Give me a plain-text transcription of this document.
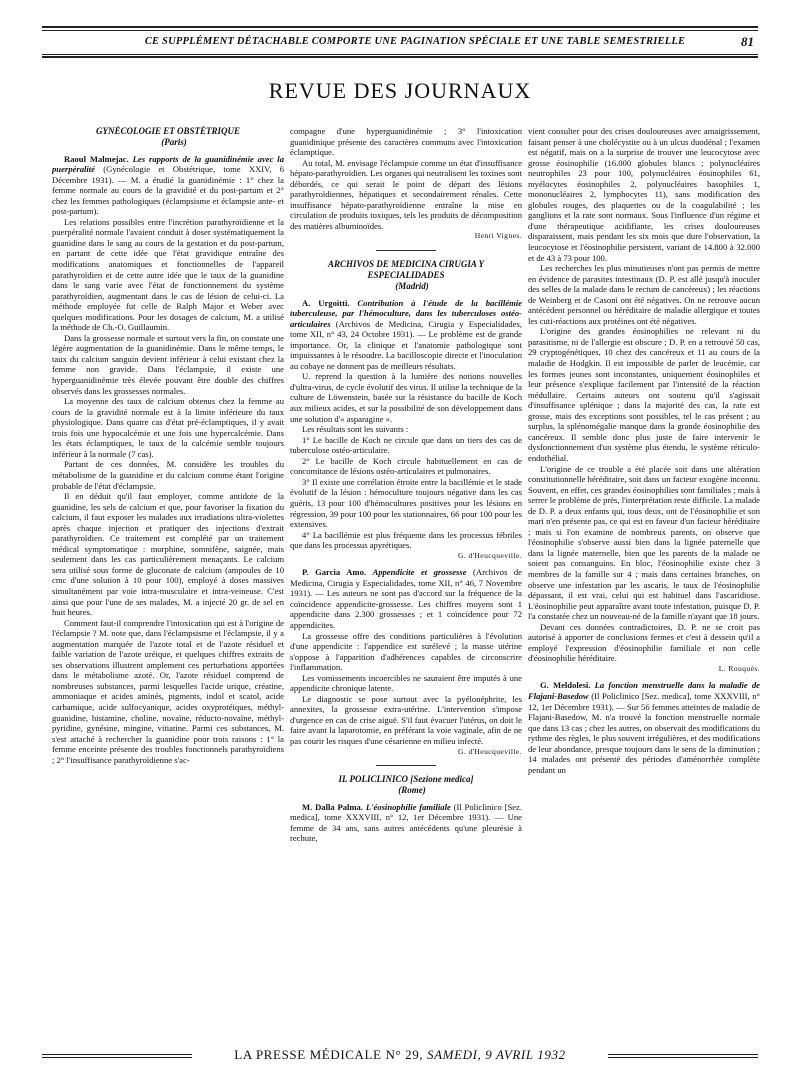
CE SUPPLÉMENT DÉTACHABLE COMPORTE UNE PAGINATION SPÉCIALE ET UNE TABLE SEMESTRIELLE	81
REVUE DES JOURNAUX

GYNÉCOLOGIE ET OBSTÉTRIQUE

(Paris)

Raoul Malmejac. Les rapports de la guanidinémie avec la puerpéralité (Gynécologie et Obstétrique, tome XXIV, 6 Décembre 1931). — M. a étudié la guanidinémie : 1° chez la femme normale au cours de la gravidité et du post-partum et 2° chez les femmes pathologiques (éclampsisme et éclampsie ante- et post-partum).

Les relations possibles entre l'incrétion parathyroïdienne et la puerpéralité normale l'avaient conduit à doser systématiquement la guanidine dans le sang au cours de la gestation et du post-partum, en partant de cette idée que l'état gravidique entraîne des modifications anatomiques et fonctionnelles de l'appareil parathyroïdien et de cette autre idée que le taux de la guanidine dans le sang varie avec l'état de fonctionnement du système parathyroïdien, augmentant dans le cas de lésion de celui-ci. La méthode employée fut celle de Ralph Major et Weber avec quelques modifications. Pour les dosages de calcium, M. a utilisé la méthode de Ch.-O. Guillaumin.

Dans la grossesse normale et surtout vers la fin, on constate une légère augmentation de la guanidinémie. Dans le même temps, le taux du calcium sanguin devient inférieur à celui existant chez la femme non gravide. Dans l'éclampsie, il existe une hyperguanidinémie très élevée pouvant être double des chiffres observés dans les grossesses normales.

La moyenne des taux de calcium obtenus chez la femme au cours de la gravidité normale est à la limite inférieure du taux physiologique. Dans quatre cas d'état pré-éclamptiques, il y avait trois fois une hypocalcémie et une fois une hypercalcémie. Dans les états éclamptiques, le taux de la calcémie semble toujours inférieur à la normale (7 cas).

Partant de ces données, M. considère les troubles du métabolisme de la guanidine et du calcium comme étant l'origine probable de l'état d'éclampsie.

Il en déduit qu'il faut employer, comme antidote de la guanidine, les sels de calcium et que, pour favoriser la fixation du calcium, il faut exposer les malades aux irradiations ultra-violettes après chaque injection et pratiquer des injections d'extrait parathyroïdien. Ce traitement est complété par un traitement médical symptomatique : morphine, somnifène, saignée, mais seulement dans les cas particulièrement menaçants. Le calcium sera utilisé sous forme de gluconate de calcium (ampoules de 10 cmc d'une solution à 10 pour 100), employé à doses massives simultanément par voie intra-musculaire et intra-veineuse. C'est ainsi que pour l'une de ses malades, M. a injecté 20 gr. de sel en huit heures.

Comment faut-il comprendre l'intoxication qui est à l'origine de l'éclampsie ? M. note que, dans l'éclampsisme et l'éclampsie, il y a augmentation marquée de l'azote total et de l'azote résiduel et faible variation de l'azote uréique, et quelques chiffres extraits de ses observations illustrent amplement ces perturbations apportées dans le métabolisme azoté. Or, l'azote résiduel comprend de nombreuses substances, parmi lesquelles l'acide urique, créatine, ammoniaque et acides aminés, pigments, indol et scatol, acide carbamique, acide sulfocyanique, acides oxyprotéiques, méthyl-guanidine, histamine, choline, novaïne, réducto-novaïne, méthyl-pyridine, gynésine, mingine, vitiatine. Parmi ces substances, M. s'est attaché à rechercher la guanidine pour trois raisons : 1° la femme enceinte présente des troubles fonctionnels parathyroïdiens ; 2° l'insuffisance parathyroïdienne s'ac-

compagne d'une hyperguanidinémie ; 3° l'intoxication guanidinique présente des caractères communs avec l'intoxication éclamptique.

Au total, M. envisage l'éclampsie comme un état d'insuffisance hépato-parathyroïdien. Les organes qui neutralisent les toxines sont débordés, ce qui serait le point de départ des lésions parathyroïdiennes, hépatiques et secondairement rénales. Cette insuffisance hépato-parathyroïdienne entraîne la mise en circulation de produits toxiques, tels les produits de décomposition des matières albuminoïdes.

Henri Vignes.

ARCHIVOS DE MEDICINA CIRUGIA Y ESPECIALIDADES

(Madrid)

A. Urgoitti. Contribution à l'étude de la bacillémie tuberculeuse, par l'hémoculture, dans les tuberculoses ostéo-articulaires (Archivos de Medicina, Cirugia y Especialidades, tome XII, n° 43, 24 Octobre 1931). — Le problème est de grande importance. Or, la clinique et l'anatomie pathologique sont impuissantes à le résoudre. La bacilloscopie directe et l'inoculation au cobaye ne donnent pas de meilleurs résultats.

U. reprend la question à la lumière des notions nouvelles d'ultra-virus, de cycle évolutif des virus. Il utilise la technique de la culture de Löwenstein, basée sur la résistance du bacille de Koch aux milieux acides, et sur la possibilité de son développement dans une solution d'« asparagine ».

Les résultats sont les suivants :

1° Le bacille de Koch ne circule que dans un tiers des cas de tuberculose ostéo-articulaire.

2° Le bacille de Koch circule habituellement en cas de concomitance de lésions ostéo-articulaires et pulmonaires.

3° Il existe une corrélation étroite entre la bacillémie et le stade évolutif de la lésion : hémoculture toujours négative dans les cas guéris, 13 pour 100 d'hémocultures positives pour les lésions en régression, 39 pour 100 pour les stationnaires, 66 pour 100 pour les extensives.

4° La bacillémie est plus fréquente dans les processus fébriles que dans les processus apyrétiques.

G. d'Heucqueville.

P. Garcia Amo. Appendicite et grossesse (Archivos de Medicina, Cirugia y Especialidades, tome XII, n° 46, 7 Novembre 1931). — Les auteurs ne sont pas d'accord sur la fréquence de la coïncidence appendicite-grossesse. Les chiffres moyens sont 1 appendicite dans 2.300 grossesses ; et 1 coïncidence pour 72 appendicites.

La grossesse offre des conditions particulières à l'évolution d'une appendicite : l'appendice est surélevé ; la masse utérine s'oppose à l'apparition d'adhérences capables de circonscrire l'inflammation.

Les vomissements incoercibles ne sauraient être imputés à une appendicite chronique latente.

Le diagnostic se pose surtout avec la pyélonéphrite, les annexites, la grossesse extra-utérine. L'intervention s'impose d'urgence en cas de crise aiguë. S'il faut évacuer l'utérus, on doit le faire avant la laparotomie, en préférant la voie vaginale, afin de ne pas courir les risques d'une césarienne en milieu infecté.

G. d'Heucqueville.

IL POLICLINICO [Sezione medica]

(Rome)

M. Dalla Palma. L'éosinophilie familiale (Il Policlinico [Sez. medica], tome XXXVIII, n° 12, 1er Décembre 1931). — Une femme de 34 ans, sans autres antécédents qu'une pleurésie à rechute,

vient consulter pour des crises douloureuses avec amaigrissement, faisant penser à une cholécystite ou à un ulcus duodénal ; l'examen est négatif, mais on a la surprise de trouver une leucocytose avec grosse éosinophilie (16.000 globules blancs ; polynucléaires neutrophiles 23 pour 100, polynucléaires éosinophiles 61, myélocytes éosinophiles 2, polynucléaires basophiles 1, mononucléaires 2, lymphocytes 11), sans modification des globules rouges, des plaquettes ou de la coagulabilité ; les ganglions et la rate sont normaux. Sous l'influence d'un régime et d'une thérapeutique acidifiante, les crises douloureuses disparaissent, mais pendant les six mois que dure l'observation, la leucocytose et l'éosinophilie persistent, variant de 14.800 à 32.000 et de 43 à 73 pour 100.

Les recherches les plus minutieuses n'ont pas permis de mettre en évidence de parasites intestinaux (D. P. est allé jusqu'à inoculer des selles de la malade dans le rectum de cancéreux) ; les réactions de Weinberg et de Casoni ont été négatives. On ne retrouve aucun antécédent personnel ou héréditaire de maladie allergique et toutes les cuti-réactions aux protéines ont été négatives.

L'origine des grandes éosinophilies ne relevant ni du parasitisme, ni de l'allergie est obscure ; D. P. en a retrouvé 50 cas, 29 cryptogénétiques, 10 chez des cancéreux et 11 au cours de la maladie de Hodgkin. Il est impossible de parler de leucémie, car les formes jeunes sont inconstantes, uniquement éosinophiles et leur présence s'explique facilement par l'intensité de la réaction médullaire. Certains auteurs ont soutenu qu'il s'agissait d'insuffisance splénique ; dans la majorité des cas, la rate est grosse, mais des exceptions sont possibles, tel le cas présent ; au surplus, la splénomégalie manque dans la grande éosinophilie des cancéreux. Il semble donc plus juste de faire intervenir le dysfonctionnement d'un système plus étendu, le système réticulo-endothélial.

L'origine de ce trouble a été placée soit dans une altération constitutionnelle héréditaire, soit dans un facteur exogène inconnu. Souvent, en effet, ces grandes éosinophilies sont familiales ; mais à serrer le problème de près, l'interprétation reste difficile. La malade de D. P. a deux enfants qui, tous deux, ont de l'éosinophilie et son mari n'en présente pas, ce qui est en faveur d'un facteur héréditaire ; mais si l'on examine de nombreux parents, on observe que l'éosinophilie s'observe aussi bien dans la lignée paternelle que dans la lignée maternelle, bien que les parents de la malade ne soient pas consanguins. En bloc, l'éosinophilie existe chez 3 membres de la famille sur 4 ; mais dans certaines branches, on observe une infestation par les ascaris, le taux de l'éosinophilie dépassant, il est vrai, celui qui est habituel dans l'ascaridiose. L'éosinophilie peut apparaître avant toute infestation, puisque D. P. l'a constatée chez un nouveau-né de la famille n'ayant que 18 jours.

Devant ces données contradictoires, D. P. ne se croit pas autorisé à apporter de conclusions fermes et c'est à dessein qu'il a employé l'expression d'éosinophilie familiale et non celle d'éosinophilie héréditaire.

L. Rouquès.

G. Meldolesi. La fonction menstruelle dans la maladie de Flajani-Basedow (Il Policlinico [Sez. medica], tome XXXVIII, n° 12, 1er Décembre 1931). — Sur 56 femmes atteintes de maladie de Flajani-Basedow, M. n'a trouvé la fonction menstruelle normale que dans 13 cas ; chez les autres, on observait des modifications du rythme des règles, le plus souvent irrégulières, et des modifications de leur abondance, presque toujours dans le sens de la diminution ; 14 malades ont présenté des périodes d'aménorrhée complète pendant un

LA PRESSE MÉDICALE N° 29, SAMEDI, 9 AVRIL 1932
